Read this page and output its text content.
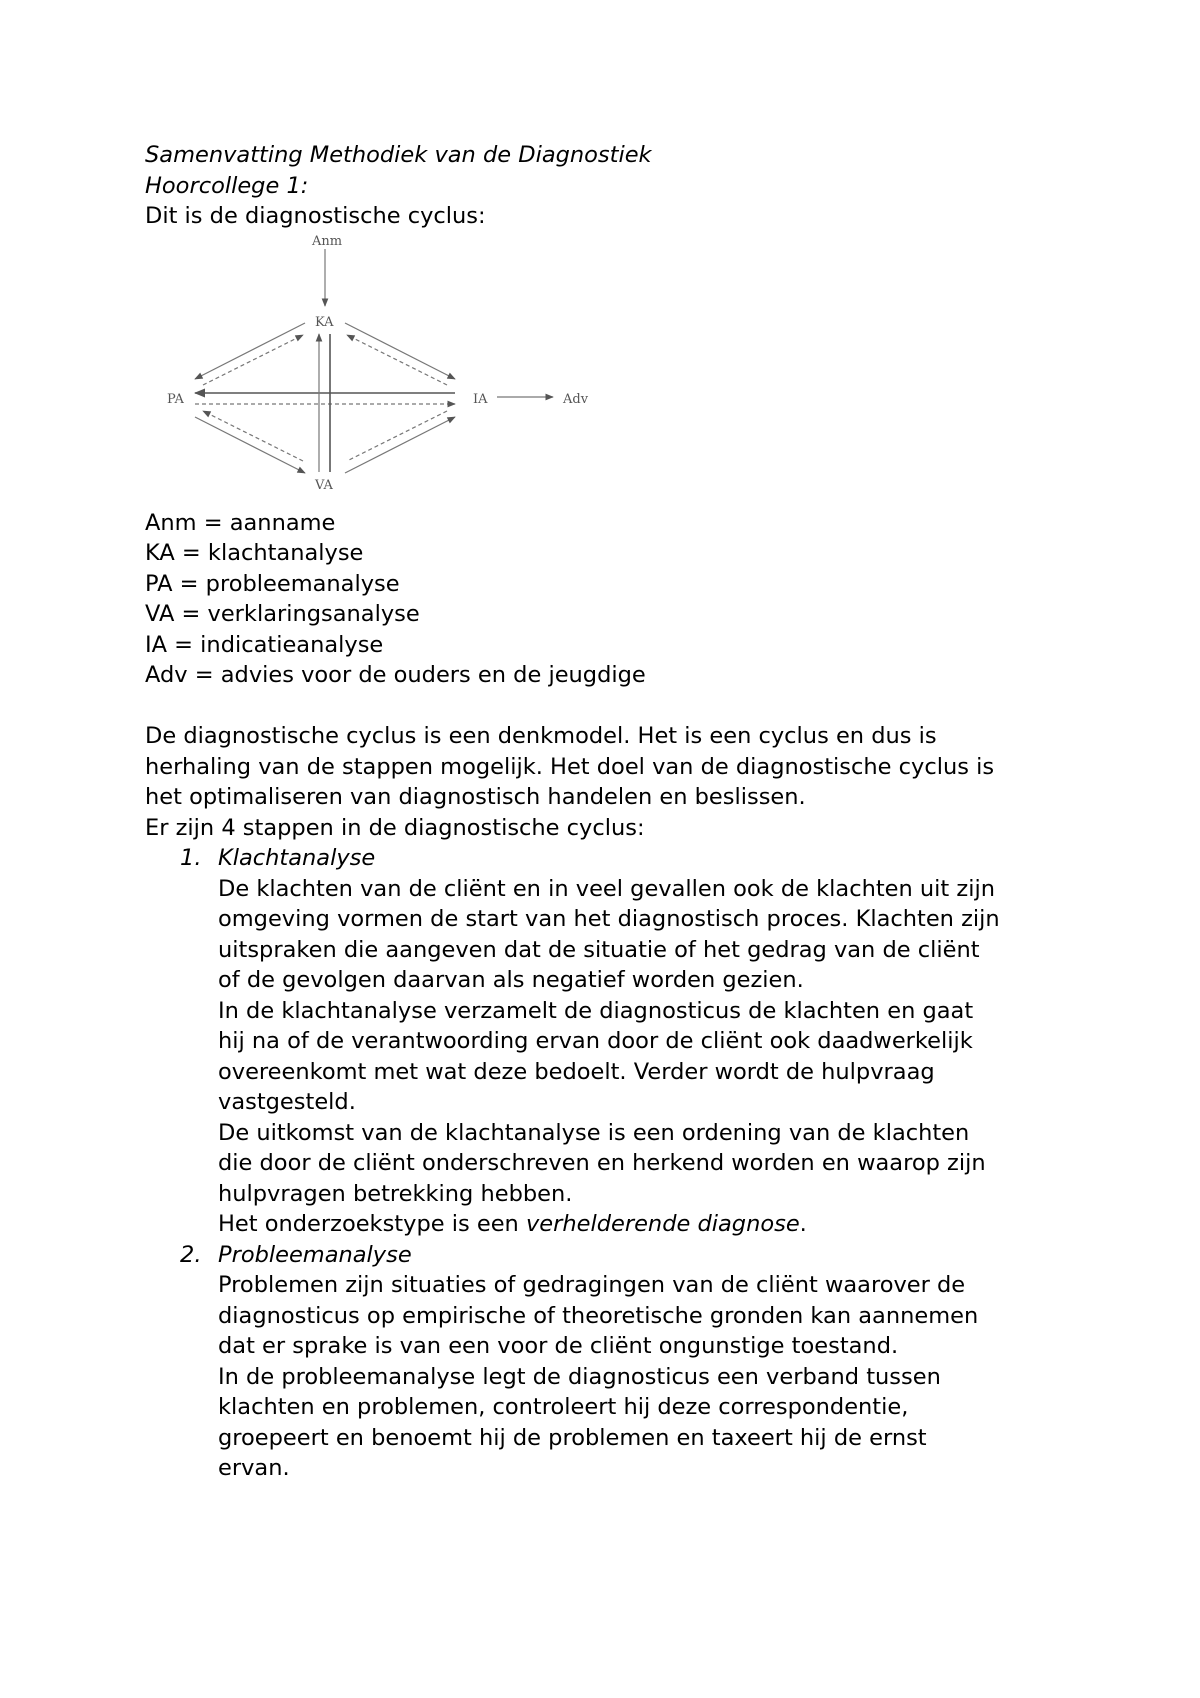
Samenvatting Methodiek van de Diagnostiek

Hoorcollege 1:

Dit is de diagnostische cyclus:

Anm
KA
PA	IA	Adv
VA

Anm = aanname

KA = klachtanalyse

PA = probleemanalyse

VA = verklaringsanalyse

IA = indicatieanalyse

Adv = advies voor de ouders en de jeugdige

De diagnostische cyclus is een denkmodel. Het is een cyclus en dus is

herhaling van de stappen mogelijk. Het doel van de diagnostische cyclus is

het optimaliseren van diagnostisch handelen en beslissen.

Er zijn 4 stappen in de diagnostische cyclus:

1. Klachtanalyse

De klachten van de cliënt en in veel gevallen ook de klachten uit zijn

omgeving vormen de start van het diagnostisch proces. Klachten zijn

uitspraken die aangeven dat de situatie of het gedrag van de cliënt

of de gevolgen daarvan als negatief worden gezien.

In de klachtanalyse verzamelt de diagnosticus de klachten en gaat

hij na of de verantwoording ervan door de cliënt ook daadwerkelijk

overeenkomt met wat deze bedoelt. Verder wordt de hulpvraag

vastgesteld.

De uitkomst van de klachtanalyse is een ordening van de klachten

die door de cliënt onderschreven en herkend worden en waarop zijn

hulpvragen betrekking hebben.

Het onderzoekstype is een verhelderende diagnose.

2. Probleemanalyse

Problemen zijn situaties of gedragingen van de cliënt waarover de

diagnosticus op empirische of theoretische gronden kan aannemen

dat er sprake is van een voor de cliënt ongunstige toestand.

In de probleemanalyse legt de diagnosticus een verband tussen

klachten en problemen, controleert hij deze correspondentie,

groepeert en benoemt hij de problemen en taxeert hij de ernst

ervan.
